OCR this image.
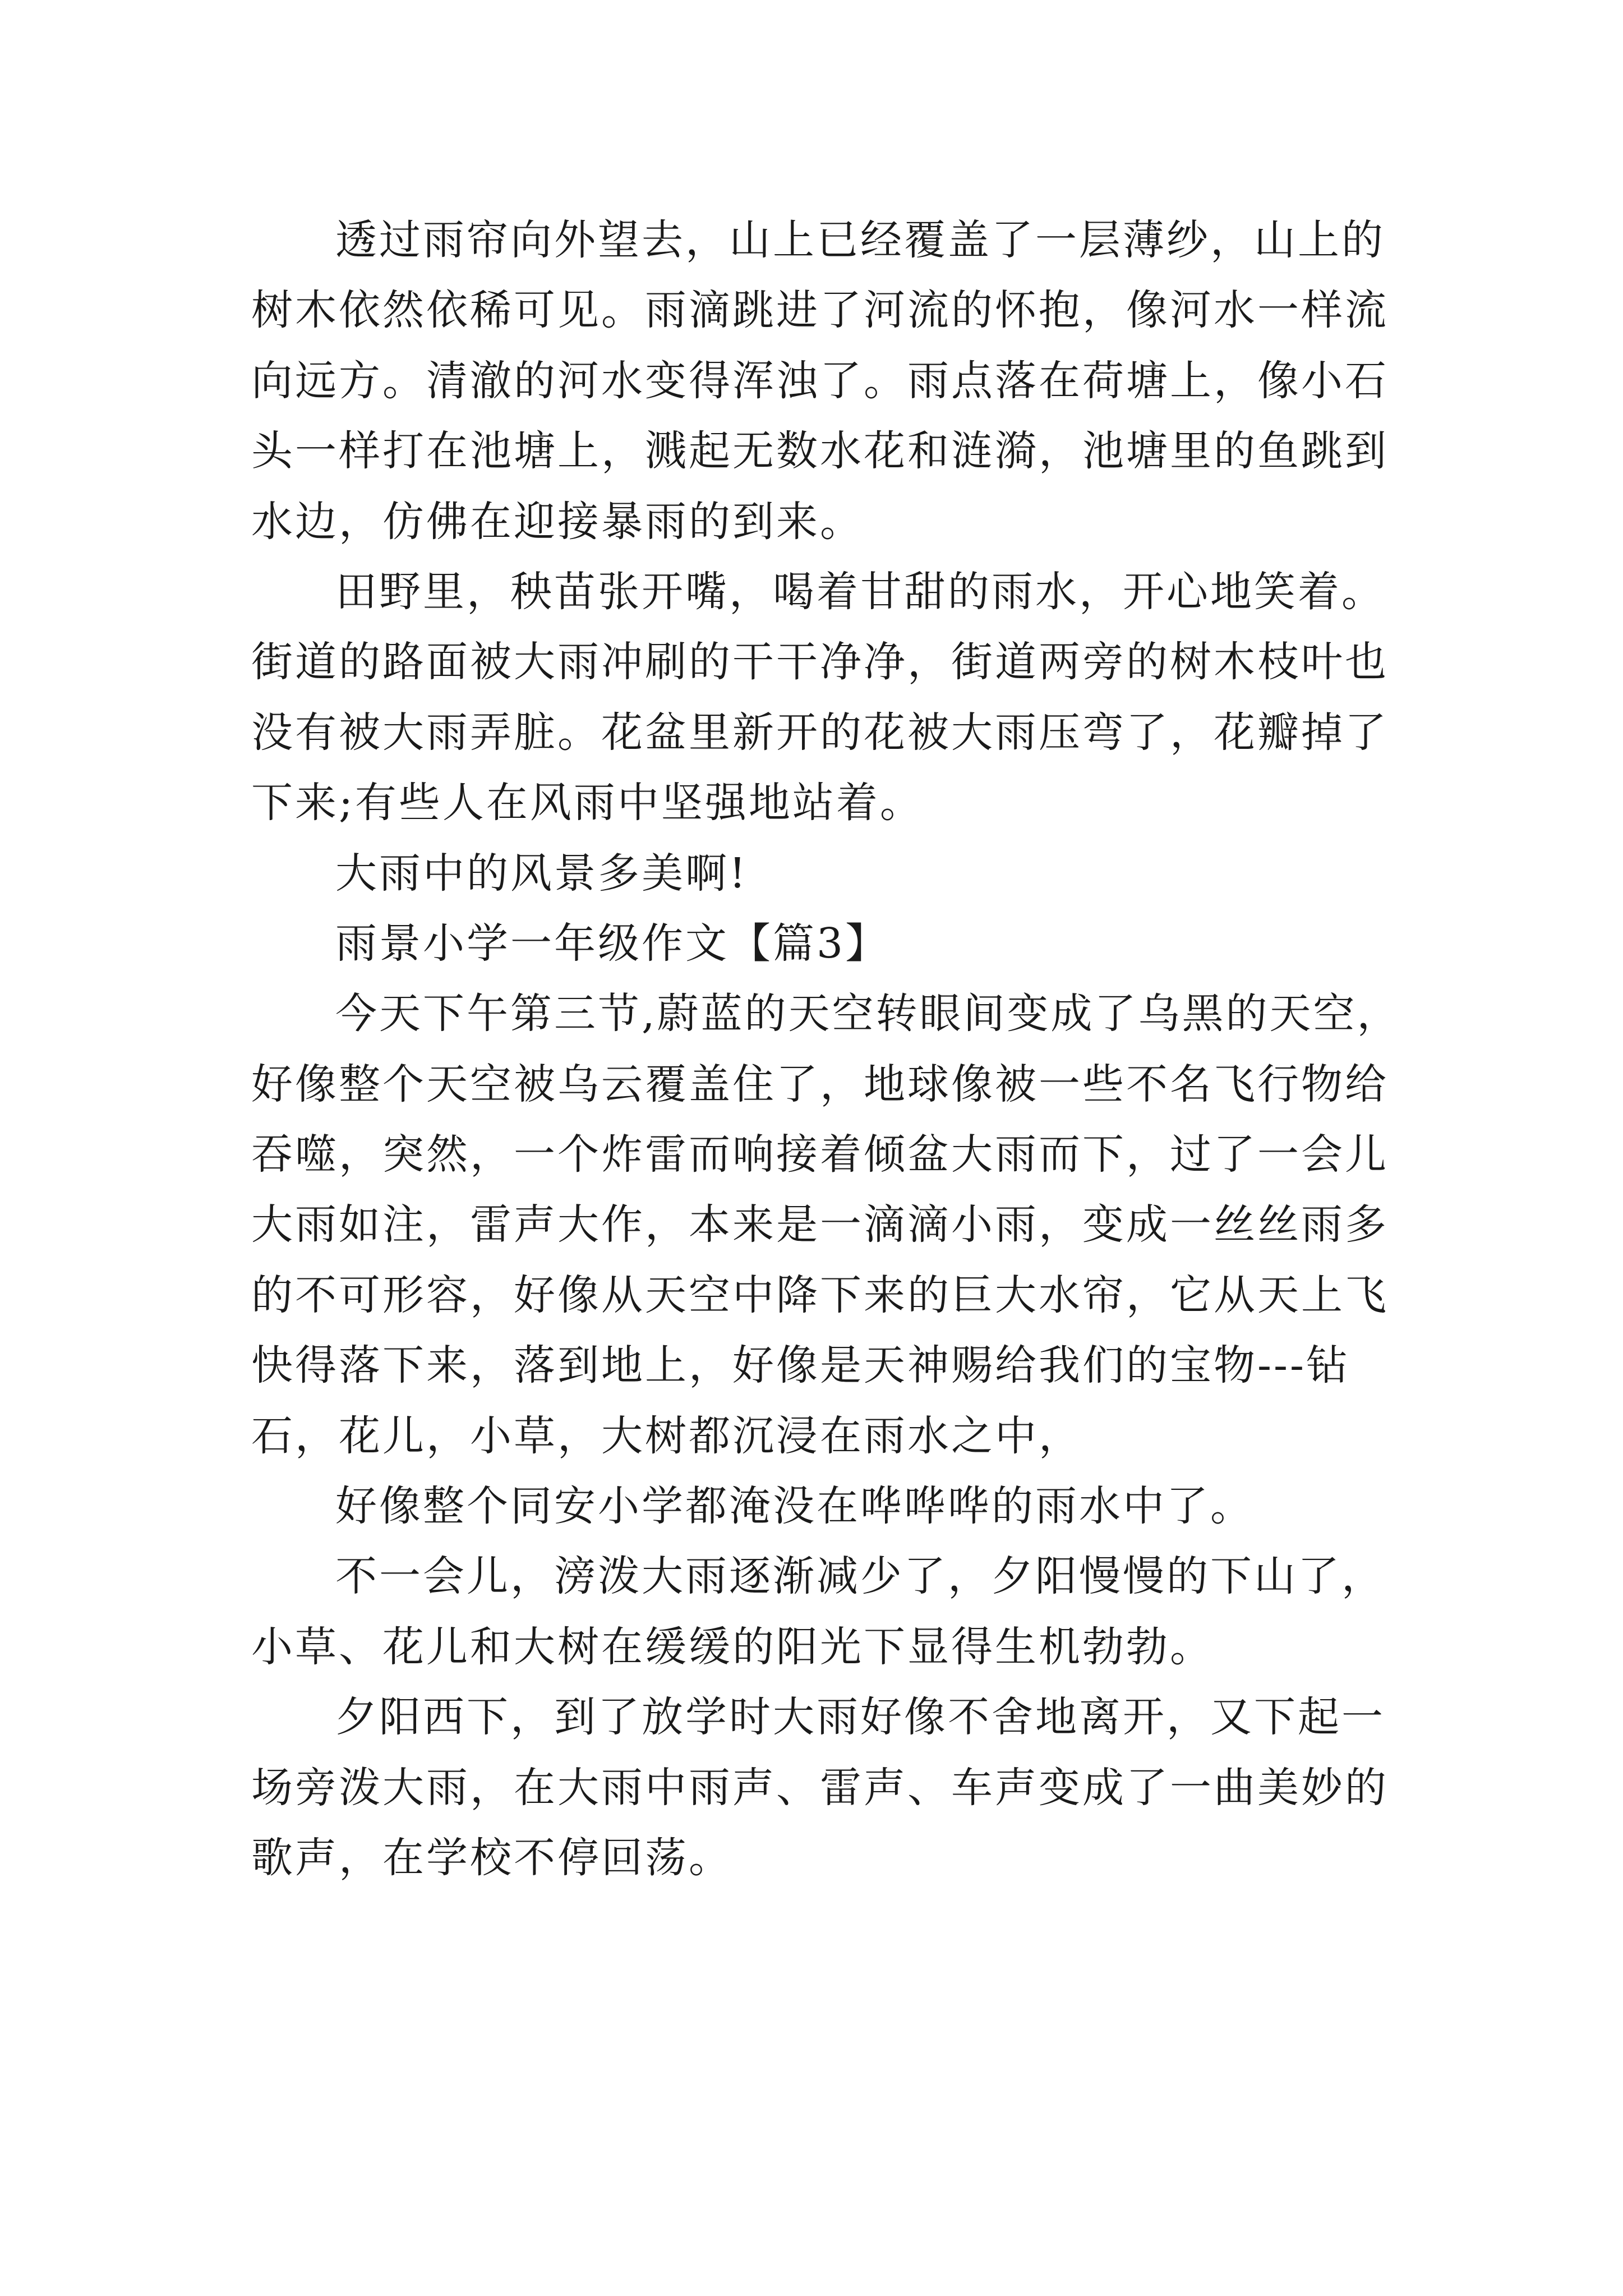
透过雨帘向外望去，山上已经覆盖了一层薄纱，山上的
树木依然依稀可见。雨滴跳进了河流的怀抱，像河水一样流
向远方。清澈的河水变得浑浊了。雨点落在荷塘上，像小石
头一样打在池塘上，溅起无数水花和涟漪，池塘里的鱼跳到
水边，仿佛在迎接暴雨的到来。
田野里，秧苗张开嘴，喝着甘甜的雨水，开心地笑着。
街道的路面被大雨冲刷的干干净净，街道两旁的树木枝叶也
没有被大雨弄脏。花盆里新开的花被大雨压弯了，花瓣掉了
下来;有些人在风雨中坚强地站着。
大雨中的风景多美啊!
雨景小学一年级作文【篇3】
今天下午第三节,蔚蓝的天空转眼间变成了乌黑的天空，
好像整个天空被乌云覆盖住了，地球像被一些不名飞行物给
吞噬，突然，一个炸雷而响接着倾盆大雨而下，过了一会儿
大雨如注，雷声大作，本来是一滴滴小雨，变成一丝丝雨多
的不可形容，好像从天空中降下来的巨大水帘，它从天上飞
快得落下来，落到地上，好像是天神赐给我们的宝物---钻
石，花儿，小草，大树都沉浸在雨水之中，
好像整个同安小学都淹没在哗哗哗的雨水中了。
不一会儿，滂泼大雨逐渐减少了，夕阳慢慢的下山了，
小草、花儿和大树在缓缓的阳光下显得生机勃勃。
夕阳西下，到了放学时大雨好像不舍地离开，又下起一
场旁泼大雨，在大雨中雨声、雷声、车声变成了一曲美妙的
歌声，在学校不停回荡。
